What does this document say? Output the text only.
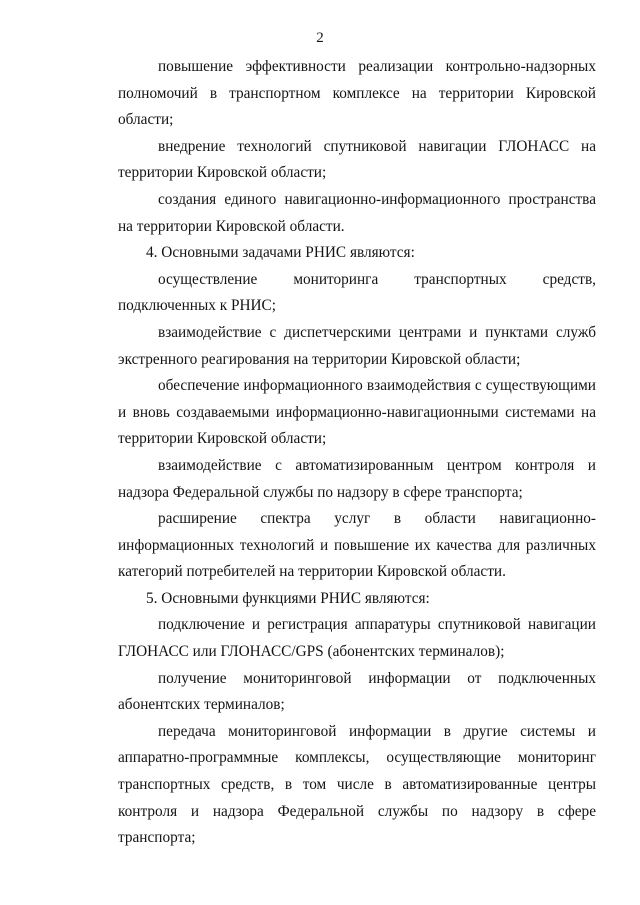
2

повышение эффективности реализации контрольно-надзорных полномочий в транспортном комплексе на территории Кировской области;

внедрение технологий спутниковой навигации ГЛОНАСС на территории Кировской области;

создания единого навигационно-информационного пространства на территории Кировской области.

4. Основными задачами РНИС являются:

осуществление мониторинга транспортных средств, подключенных к РНИС;

взаимодействие с диспетчерскими центрами и пунктами служб экстренного реагирования на территории Кировской области;

обеспечение информационного взаимодействия с существующими и вновь создаваемыми информационно-навигационными системами на территории Кировской области;

взаимодействие с автоматизированным центром контроля и надзора Федеральной службы по надзору в сфере транспорта;

расширение спектра услуг в области навигационно-информационных технологий и повышение их качества для различных категорий потребителей на территории Кировской области.

5. Основными функциями РНИС являются:

подключение и регистрация аппаратуры спутниковой навигации ГЛОНАСС или ГЛОНАСС/GPS (абонентских терминалов);

получение мониторинговой информации от подключенных абонентских терминалов;

передача мониторинговой информации в другие системы и аппаратно-программные комплексы, осуществляющие мониторинг транспортных средств, в том числе в автоматизированные центры контроля и надзора Федеральной службы по надзору в сфере транспорта;
